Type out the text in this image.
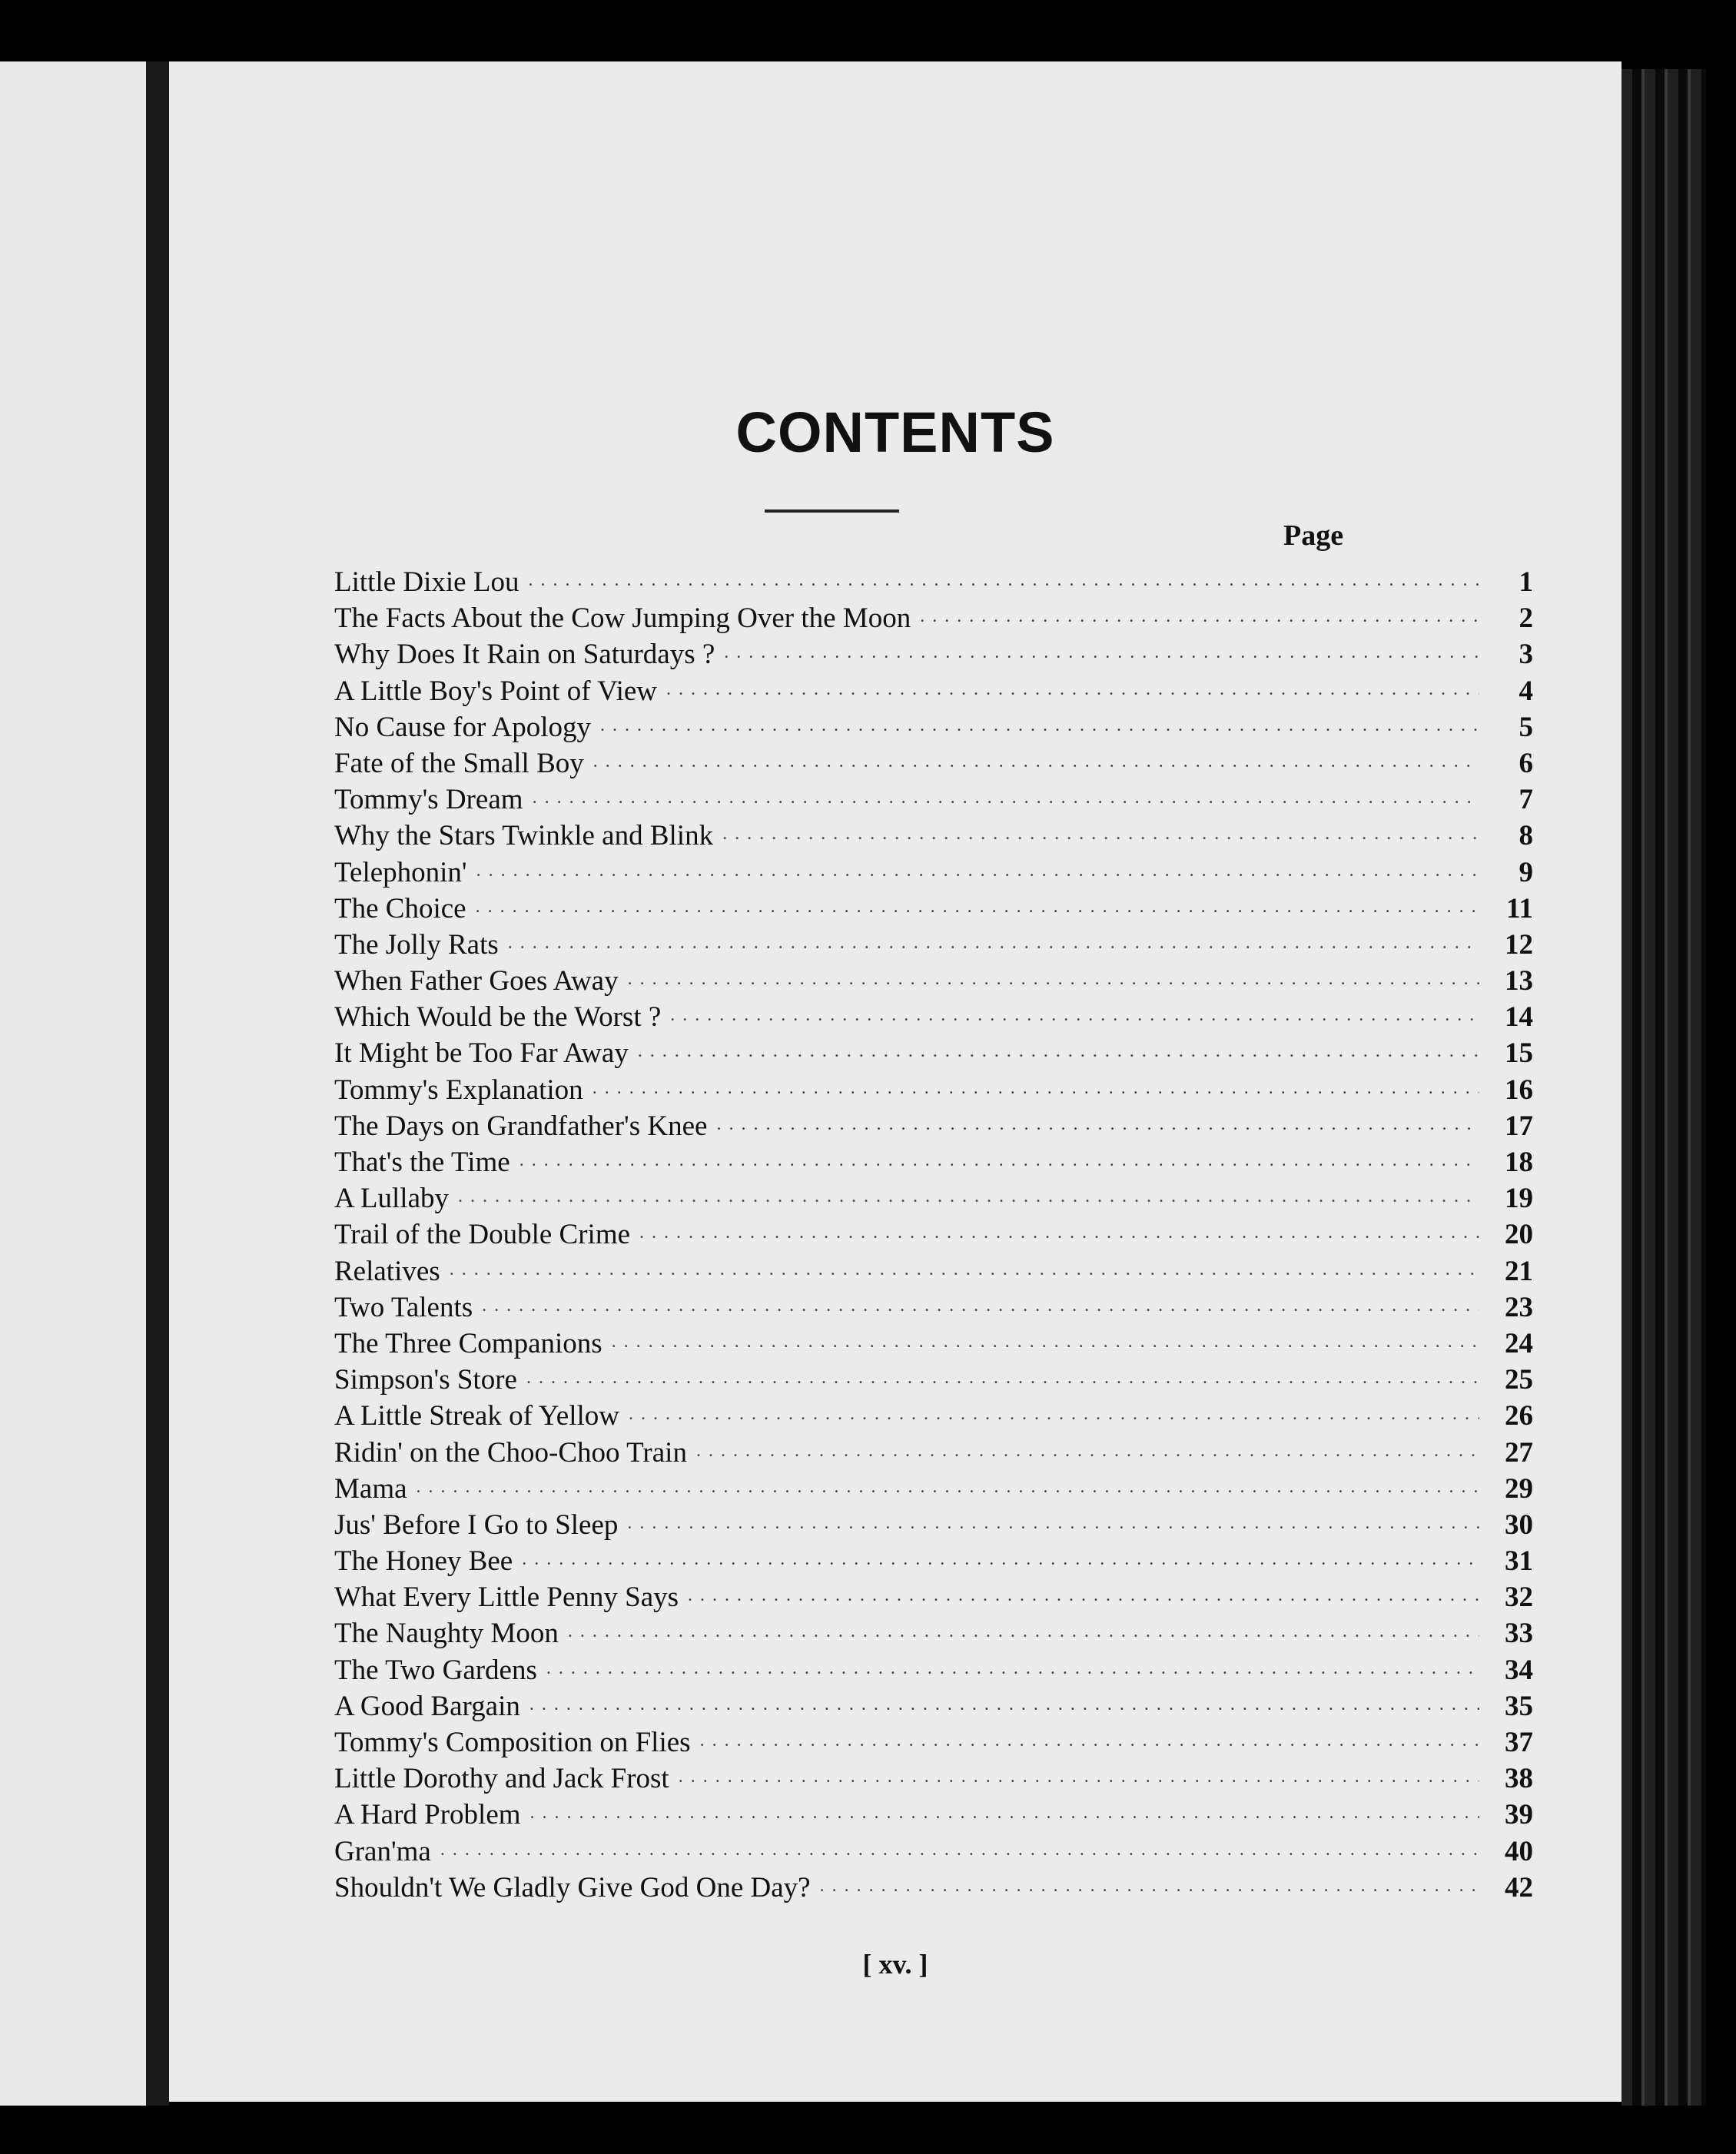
CONTENTS
Page
Little Dixie Lou . . .	1
The Facts About the Cow Jumping Over the Moon . . .	2
Why Does It Rain on Saturdays ? . . .	3
A Little Boy's Point of View . . .	4
No Cause for Apology . . .	5
Fate of the Small Boy . . .	6
Tommy's Dream . . .	7
Why the Stars Twinkle and Blink . . .	8
Telephonin' . . .	9
The Choice . . .	11
The Jolly Rats . . .	12
When Father Goes Away . . .	13
Which Would be the Worst ? . . .	14
It Might be Too Far Away . . .	15
Tommy's Explanation . . .	16
The Days on Grandfather's Knee . . .	17
That's the Time . . .	18
A Lullaby . . .	19
Trail of the Double Crime . . .	20
Relatives . . .	21
Two Talents . . .	23
The Three Companions . . .	24
Simpson's Store . . .	25
A Little Streak of Yellow . . .	26
Ridin' on the Choo-Choo Train . . .	27
Mama . . .	29
Jus' Before I Go to Sleep . . .	30
The Honey Bee . . .	31
What Every Little Penny Says . . .	32
The Naughty Moon . . .	33
The Two Gardens . . .	34
A Good Bargain . . .	35
Tommy's Composition on Flies . . .	37
Little Dorothy and Jack Frost . . .	38
A Hard Problem . . .	39
Gran'ma . . .	40
Shouldn't We Gladly Give God One Day? . . .	42
[ xv. ]
